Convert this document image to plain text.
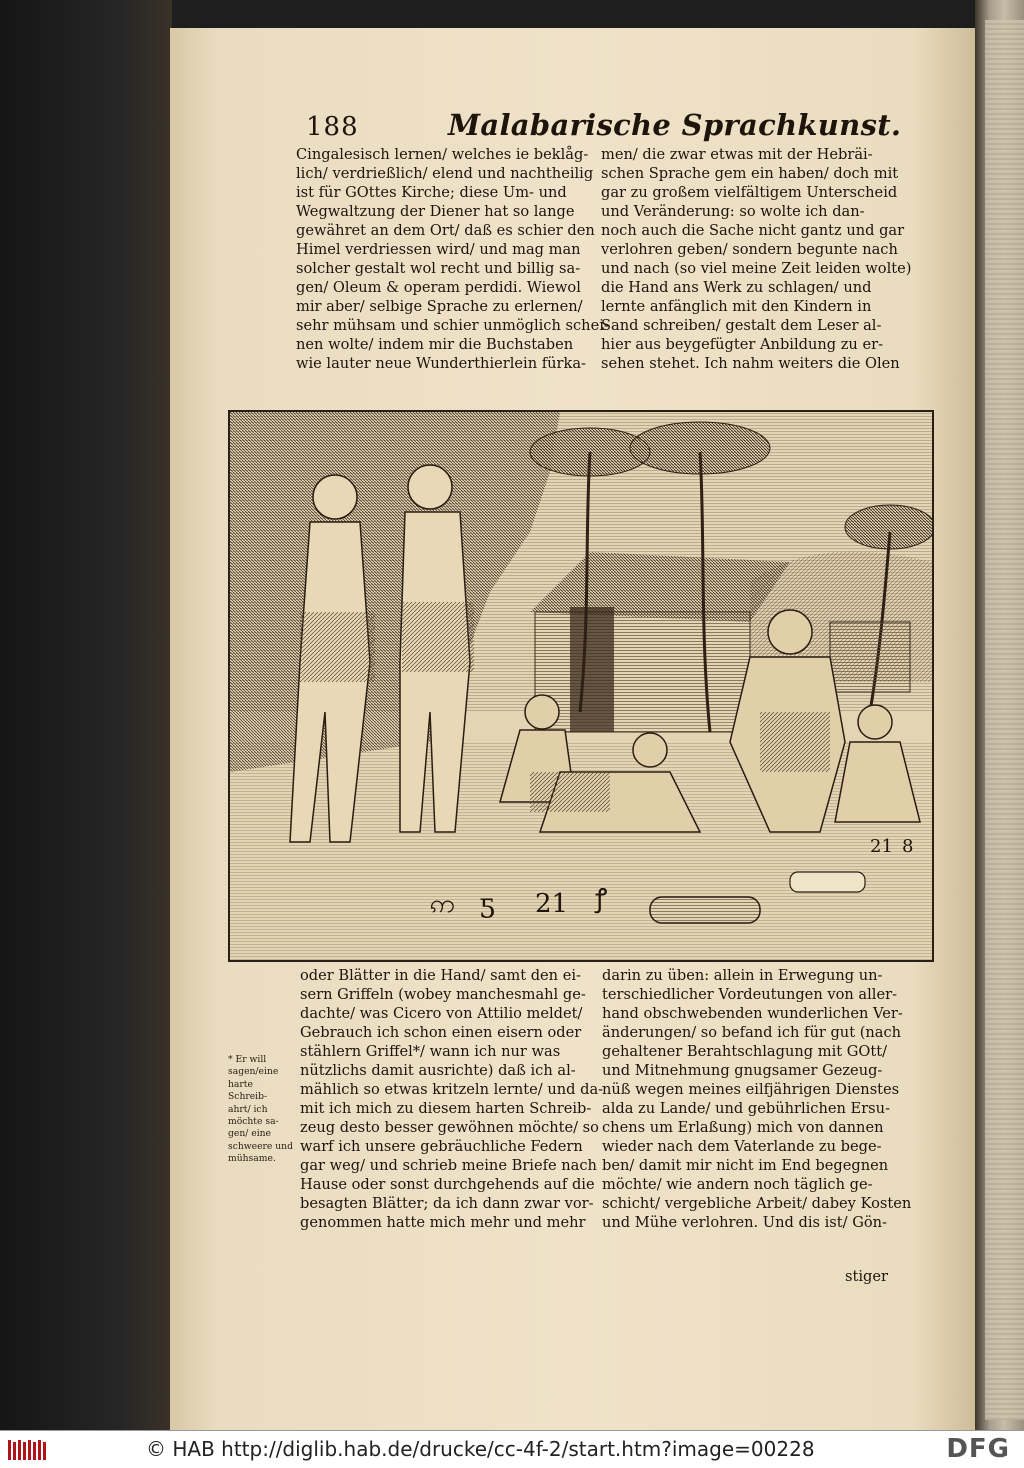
188	Malabarische Sprachkunst.
Cingalesisch lernen/ welches ie beklåg-
lich/ verdrießlich/ elend und nachtheilig
ist für GOttes Kirche; diese Um- und
Wegwaltzung der Diener hat so lange
gewähret an dem Ort/ daß es schier den
Himel verdriessen wird/ und mag man
solcher gestalt wol recht und billig sa-
gen/ Oleum & operam perdidi. Wiewol
mir aber/ selbige Sprache zu erlernen/
sehr mühsam und schier unmöglich schei-
nen wolte/ indem mir die Buchstaben
wie lauter neue Wunderthierlein fürka-
men/ die zwar etwas mit der Hebräi-
schen Sprache gem ein haben/ doch mit
gar zu großem vielfältigem Unterscheid
und Veränderung: so wolte ich dan-
noch auch die Sache nicht gantz und gar
verlohren geben/ sondern begunte nach
und nach (so viel meine Zeit leiden wolte)
die Hand ans Werk zu schlagen/ und
lernte anfänglich mit den Kindern in
Sand schreiben/ gestalt dem Leser al-
hier aus beygefügter Anbildung zu er-
sehen stehet. Ich nahm weiters die Olen
21
21 8
ဢ ƽ	ꝭ
* Er will
sagen/eine
harte
Schreib-
ahrt/ ich
möchte sa-
gen/ eine
schweere und
mühsame.
oder Blätter in die Hand/ samt den ei-
sern Griffeln (wobey manchesmahl ge-
dachte/ was Cicero von Attilio meldet/
Gebrauch ich schon einen eisern oder
stählern Griffel*/ wann ich nur was
nützlichs damit ausrichte) daß ich al-
mählich so etwas kritzeln lernte/ und da-
mit ich mich zu diesem harten Schreib-
zeug desto besser gewöhnen möchte/ so
warf ich unsere gebräuchliche Federn
gar weg/ und schrieb meine Briefe nach
Hause oder sonst durchgehends auf die
besagten Blätter; da ich dann zwar vor-
genommen hatte mich mehr und mehr
darin zu üben: allein in Erwegung un-
terschiedlicher Vordeutungen von aller-
hand obschwebenden wunderlichen Ver-
änderungen/ so befand ich für gut (nach
gehaltener Berahtschlagung mit GOtt/
und Mitnehmung gnugsamer Gezeug-
nüß wegen meines eilfjährigen Dienstes
alda zu Lande/ und gebührlichen Ersu-
chens um Erlaßung) mich von dannen
wieder nach dem Vaterlande zu bege-
ben/ damit mir nicht im End begegnen
möchte/ wie andern noch täglich ge-
schicht/ vergebliche Arbeit/ dabey Kosten
und Mühe verlohren. Und dis ist/ Gön-
stiger
© HAB http://diglib.hab.de/drucke/cc-4f-2/start.htm?image=00228	DFG
